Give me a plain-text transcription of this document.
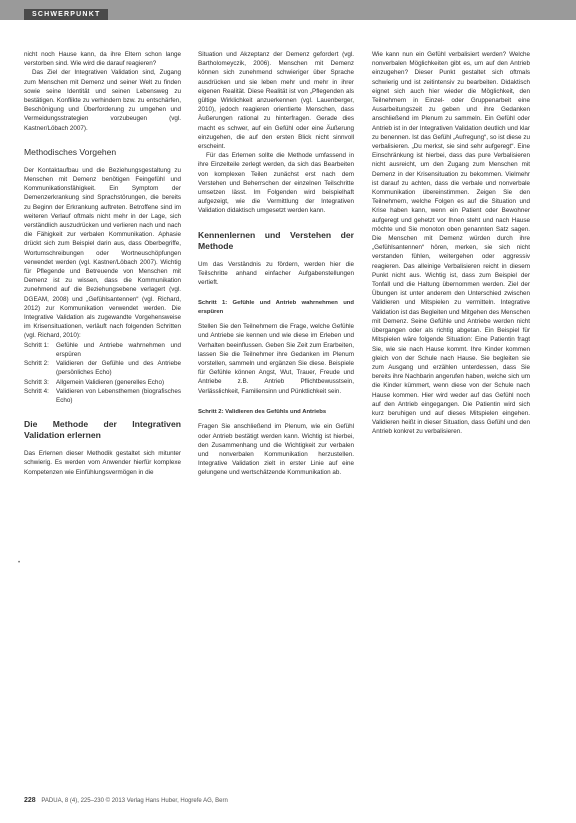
SCHWERPUNKT

nicht noch Hause kann, da ihre Eltern schon lange verstorben sind. Wie wird die darauf reagieren?

Das Ziel der Integrativen Validation sind, Zugang zum Menschen mit Demenz und seiner Welt zu finden sowie seine Identität und seinen Lebensweg zu bestätigen. Konflikte zu verhindern bzw. zu entschärfen, Beschönigung und Überforderung zu umgehen und Vermeidungsstrategien vorzubeugen (vgl. Kastner/Löbach 2007).

Methodisches Vorgehen

Der Kontaktaufbau und die Beziehungsgestaltung zu Menschen mit Demenz benötigen Feingefühl und Kommunikationsfähigkeit. Ein Symptom der Demenzerkrankung sind Sprachstörungen, die bereits zu Beginn der Erkrankung auftreten. Betroffene sind im weiteren Verlauf oftmals nicht mehr in der Lage, sich verständlich auszudrücken und verlieren nach und nach die Fähigkeit zur verbalen Kommunikation. Aphasie drückt sich zum Beispiel darin aus, dass Oberbegriffe, Wortumschreibungen oder Wortneuschöpfungen verwendet werden (vgl. Kastner/Löbach 2007). Wichtig für Pflegende und Betreuende von Menschen mit Demenz ist zu wissen, dass die Kommunikation zunehmend auf die Beziehungsebene verlagert (vgl. DGEAM, 2008) und „Gefühlsantennen“ (vgl. Richard, 2012) zur Kommunikation verwendet werden. Die Integrative Validation als zugewandte Vorgehensweise im Krisensituationen, verläuft nach folgenden Schritten (vgl. Richard, 2010):

Schritt 1:	Gefühle und Antriebe wahrnehmen und erspüren
Schritt 2:	Validieren der Gefühle und des Antriebe (persönliches Echo)
Schritt 3:	Allgemein Validieren (generelles Echo)
Schritt 4:	Validieren von Lebensthemen (biografisches Echo)
Die Methode der Integrativen Validation erlernen

Das Erlernen dieser Methodik gestaltet sich mitunter schwierig. Es werden vom Anwender hierfür komplexe Kompetenzen wie Einfühlungsvermögen in die

Situation und Akzeptanz der Demenz gefordert (vgl. Bartholomeyczik, 2006). Menschen mit Demenz können sich zunehmend schwieriger über Sprache ausdrücken und sie leben mehr und mehr in ihrer eigenen Realität. Diese Realität ist von „Pflegenden als gültige Wirklichkeit anzuerkennen (vgl. Lauenberger, 2010), jedoch reagieren orientierte Menschen, dass Äußerungen rational zu hinterfragen. Gerade dies macht es schwer, auf ein Gefühl oder eine Äußerung einzugehen, die auf den ersten Blick nicht sinnvoll erscheint.

Für das Erlernen sollte die Methode umfassend in ihre Einzelteile zerlegt werden, da sich das Bearbeiten von komplexen Teilen zunächst erst nach dem Verstehen und Beherrschen der einzelnen Teilschritte umsetzen lässt. Im Folgenden wird beispielhaft aufgezeigt, wie die Vermittlung der Integrativen Validation didaktisch umgesetzt werden kann.

Kennenlernen und Verstehen der Methode

Um das Verständnis zu fördern, werden hier die Teilschritte anhand einfacher Aufgabenstellungen vertieft.

Schritt 1: Gefühle und Antrieb wahrnehmen und erspüren

Stellen Sie den Teilnehmern die Frage, welche Gefühle und Antriebe sie kennen und wie diese im Erleben und Verhalten beeinflussen. Geben Sie Zeit zum Erarbeiten, lassen Sie die Teilnehmer ihre Gedanken im Plenum vorstellen, sammeln und ergänzen Sie diese. Beispiele für Gefühle können Angst, Wut, Trauer, Freude und Antriebe z.B. Antrieb Pflichtbewusstsein, Verlässlichkeit, Familiensinn und Pünktlichkeit sein.

Schritt 2: Validieren des Gefühls und Antriebs

Fragen Sie anschließend im Plenum, wie ein Gefühl oder Antrieb bestätigt werden kann. Wichtig ist hierbei, den Zusammenhang und die Wichtigkeit zur verbalen und nonverbalen Kommunikation herzustellen. Integrative Validation zielt in erster Linie auf eine gelungene und wertschätzende Kommunikation ab.

Wie kann nun ein Gefühl verbalisiert werden? Welche nonverbalen Möglichkeiten gibt es, um auf den Antrieb einzugehen? Dieser Punkt gestaltet sich oftmals schwierig und ist zeitintensiv zu bearbeiten. Didaktisch eignet sich auch hier wieder die Möglichkeit, den Teilnehmern in Einzel- oder Gruppenarbeit eine Ausarbeitungszeit zu geben und ihre Gedanken anschließend im Plenum zu sammeln. Ein Gefühl oder Antrieb ist in der Integrativen Validation deutlich und klar zu benennen. Ist das Gefühl „Aufregung“, so ist diese zu verbalisieren. „Du merkst, sie sind sehr aufgeregt“. Eine Einschränkung ist hierbei, dass das pure Verbalisieren nicht ausreicht, um den Zugang zum Menschen mit Demenz in der Krisensituation zu bekommen. Vielmehr ist darauf zu achten, dass die verbale und nonverbale Kommunikation übereinstimmen. Zeigen Sie den Teilnehmern, welche Folgen es auf die Situation und Krise haben kann, wenn ein Patient oder Bewohner aufgeregt und gehetzt vor Ihnen steht und nach Hause möchte und Sie monoton oben genannten Satz sagen. Die Menschen mit Demenz würden durch ihre „Gefühlsantennen“ hören, merken, sie sich nicht verstanden fühlen, weitergehen oder aggressiv reagieren. Das alleinige Verbalisieren reicht in diesem Punkt nicht aus. Wichtig ist, dass zum Beispiel der Tonfall und die Haltung übernommen werden. Ziel der Übungen ist unter anderem den Unterschied zwischen Validieren und Mitspielen zu vermitteln. Integrative Validation ist das Begleiten und Mitgehen des Menschen mit Demenz. Seine Gefühle und Antriebe werden nicht übergangen oder als richtig abgetan. Ein Beispiel für Mitspielen wäre folgende Situation: Eine Patientin fragt Sie, wie sie nach Hause kommt. Ihre Kinder kommen gleich von der Schule nach Hause. Sie begleiten sie zum Ausgang und erzählen unterdessen, dass Sie bereits ihre Nachbarin angerufen haben, welche sich um die Kinder kümmert, wenn diese von der Schule nach Hause kommen. Hier wird weder auf das Gefühl noch auf den Antrieb eingegangen. Die Patientin wird sich kurz beruhigen und auf dieses Mitspielen eingehen. Validieren heißt in dieser Situation, dass Gefühl und den Antrieb konkret zu verbalisieren.

•
228 PADUA, 8 (4), 225–230 © 2013 Verlag Hans Huber, Hogrefe AG, Bern
